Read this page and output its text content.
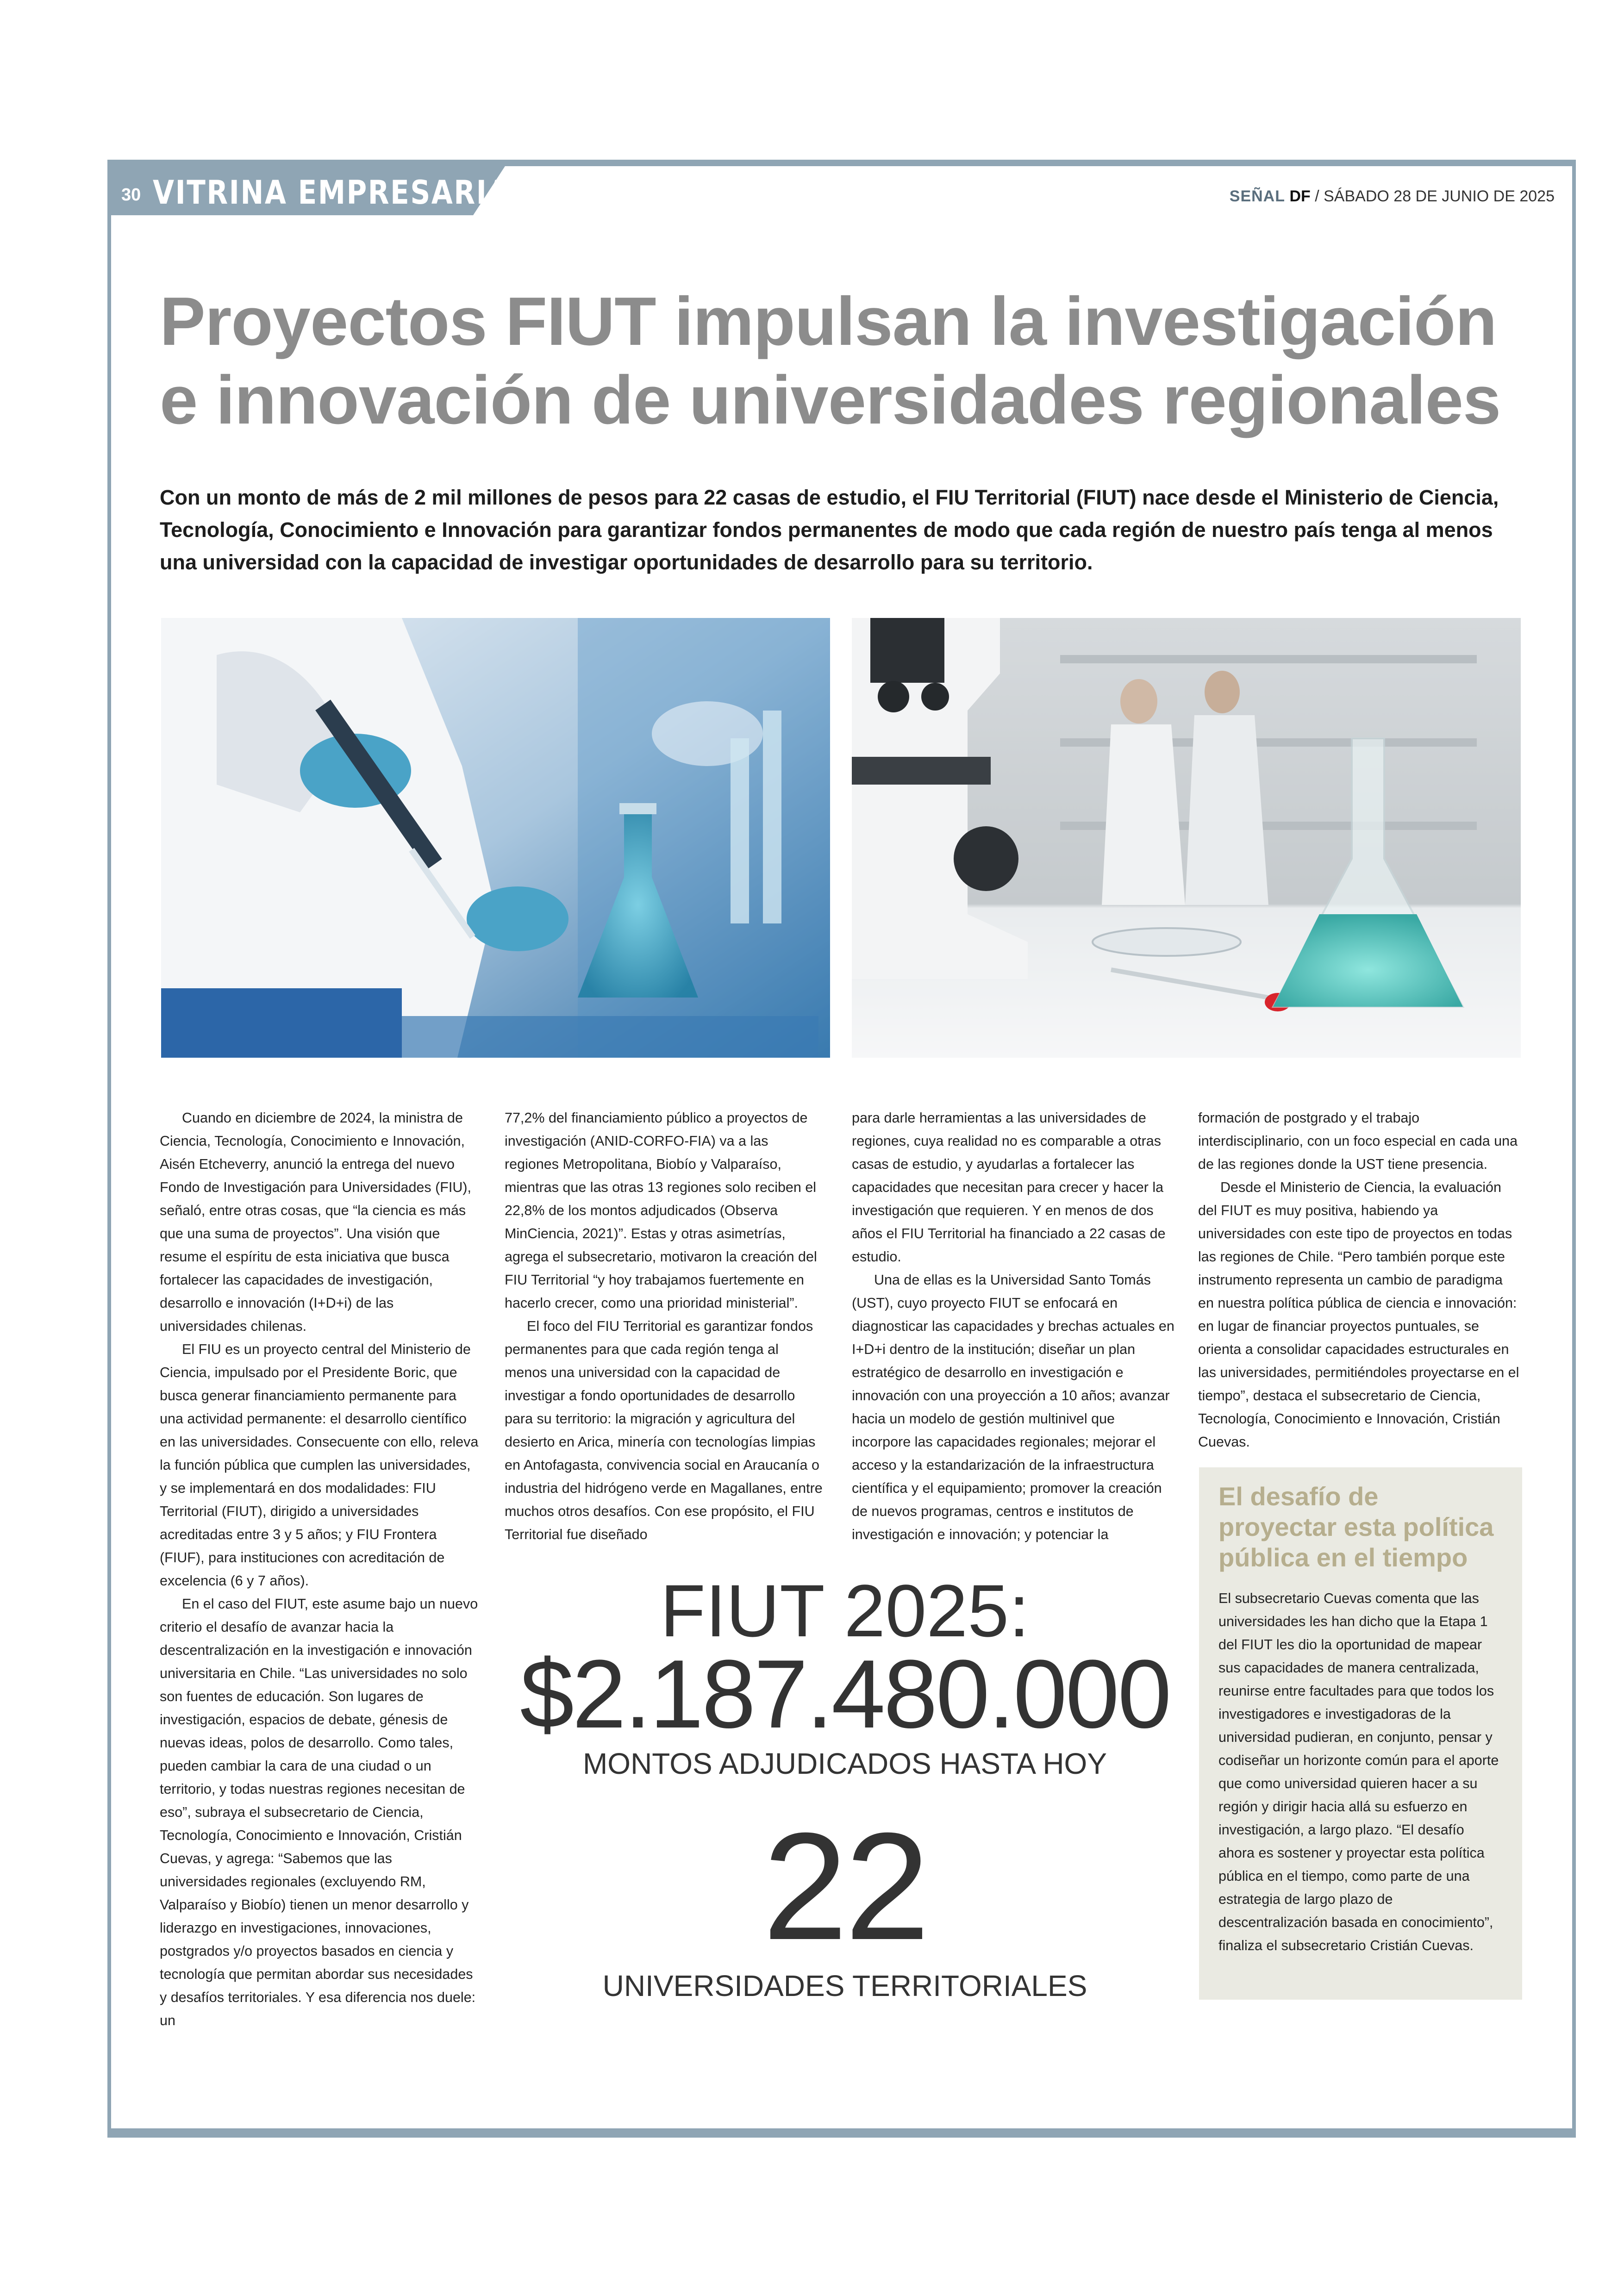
30 VITRINA EMPRESARIAL	SEÑAL DF / SÁBADO 28 DE JUNIO DE 2025
Proyectos FIUT impulsan la investigación
e innovación de universidades regionales

Con un monto de más de 2 mil millones de pesos para 22 casas de estudio, el FIU Territorial (FIUT) nace desde el Ministerio de Ciencia, Tecnología, Conocimiento e Innovación para garantizar fondos permanentes de modo que cada región de nuestro país tenga al menos una universidad con la capacidad de investigar oportunidades de desarrollo para su territorio.

Cuando en diciembre de 2024, la ministra de Ciencia, Tecnología, Conocimiento e Innovación, Aisén Etcheverry, anunció la entrega del nuevo Fondo de Investigación para Universidades (FIU), señaló, entre otras cosas, que “la ciencia es más que una suma de proyectos”. Una visión que resume el espíritu de esta iniciativa que busca fortalecer las capacidades de investigación, desarrollo e innovación (I+D+i) de las universidades chilenas.

El FIU es un proyecto central del Ministerio de Ciencia, impulsado por el Presidente Boric, que busca generar financiamiento permanente para una actividad permanente: el desarrollo científico en las universidades. Consecuente con ello, releva la función pública que cumplen las universidades, y se implementará en dos modalidades: FIU Territorial (FIUT), dirigido a universidades acreditadas entre 3 y 5 años; y FIU Frontera (FIUF), para instituciones con acreditación de excelencia (6 y 7 años).

En el caso del FIUT, este asume bajo un nuevo criterio el desafío de avanzar hacia la descentralización en la investigación e innovación universitaria en Chile. “Las universidades no solo son fuentes de educación. Son lugares de investigación, espacios de debate, génesis de nuevas ideas, polos de desarrollo. Como tales, pueden cambiar la cara de una ciudad o un territorio, y todas nuestras regiones necesitan de eso”, subraya el subsecretario de Ciencia, Tecnología, Conocimiento e Innovación, Cristián Cuevas, y agrega: “Sabemos que las universidades regionales (excluyendo RM, Valparaíso y Biobío) tienen un menor desarrollo y liderazgo en investigaciones, innovaciones, postgrados y/o proyectos basados en ciencia y tecnología que permitan abordar sus necesidades y desafíos territoriales. Y esa diferencia nos duele: un

77,2% del financiamiento público a proyectos de investigación (ANID-CORFO-FIA) va a las regiones Metropolitana, Biobío y Valparaíso, mientras que las otras 13 regiones solo reciben el 22,8% de los montos adjudicados (Observa MinCiencia, 2021)”. Estas y otras asimetrías, agrega el subsecretario, motivaron la creación del FIU Territorial “y hoy trabajamos fuertemente en hacerlo crecer, como una prioridad ministerial”.

El foco del FIU Territorial es garantizar fondos permanentes para que cada región tenga al menos una universidad con la capacidad de investigar a fondo oportunidades de desarrollo para su territorio: la migración y agricultura del desierto en Arica, minería con tecnologías limpias en Antofagasta, convivencia social en Araucanía o industria del hidrógeno verde en Magallanes, entre muchos otros desafíos. Con ese propósito, el FIU Territorial fue diseñado

para darle herramientas a las universidades de regiones, cuya realidad no es comparable a otras casas de estudio, y ayudarlas a fortalecer las capacidades que necesitan para crecer y hacer la investigación que requieren. Y en menos de dos años el FIU Territorial ha financiado a 22 casas de estudio.

Una de ellas es la Universidad Santo Tomás (UST), cuyo proyecto FIUT se enfocará en diagnosticar las capacidades y brechas actuales en I+D+i dentro de la institución; diseñar un plan estratégico de desarrollo en investigación e innovación con una proyección a 10 años; avanzar hacia un modelo de gestión multinivel que incorpore las capacidades regionales; mejorar el acceso y la estandarización de la infraestructura científica y el equipamiento; promover la creación de nuevos programas, centros e institutos de investigación e innovación; y potenciar la

formación de postgrado y el trabajo interdisciplinario, con un foco especial en cada una de las regiones donde la UST tiene presencia.

Desde el Ministerio de Ciencia, la evaluación del FIUT es muy positiva, habiendo ya universidades con este tipo de proyectos en todas las regiones de Chile. “Pero también porque este instrumento representa un cambio de paradigma en nuestra política pública de ciencia e innovación: en lugar de financiar proyectos puntuales, se orienta a consolidar capacidades estructurales en las universidades, permitiéndoles proyectarse en el tiempo”, destaca el subsecretario de Ciencia, Tecnología, Conocimiento e Innovación, Cristián Cuevas.

FIUT 2025:

$2.187.480.000

MONTOS ADJUDICADOS HASTA HOY

22

UNIVERSIDADES TERRITORIALES

El desafío de proyectar esta política pública en el tiempo

El subsecretario Cuevas comenta que las universidades les han dicho que la Etapa 1 del FIUT les dio la oportunidad de mapear sus capacidades de manera centralizada, reunirse entre facultades para que todos los investigadores e investigadoras de la universidad pudieran, en conjunto, pensar y codiseñar un horizonte común para el aporte que como universidad quieren hacer a su región y dirigir hacia allá su esfuerzo en investigación, a largo plazo. “El desafío ahora es sostener y proyectar esta política pública en el tiempo, como parte de una estrategia de largo plazo de descentralización basada en conocimiento”, finaliza el subsecretario Cristián Cuevas.
